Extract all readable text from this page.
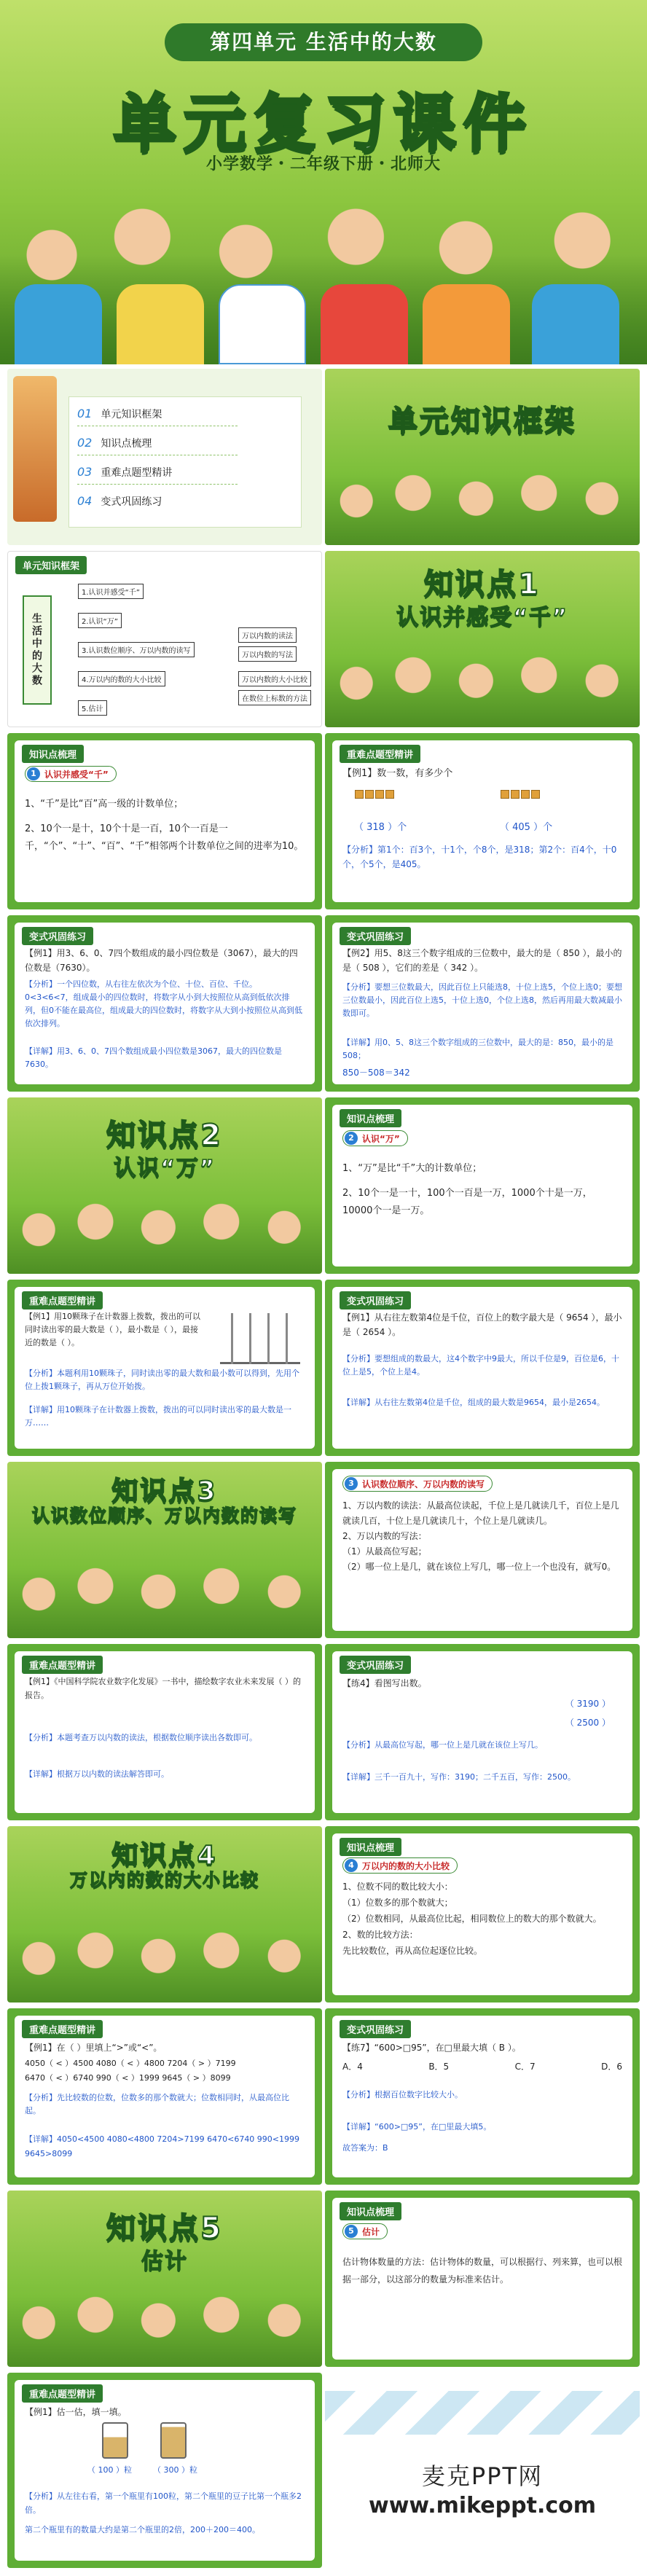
第四单元 生活中的大数
单元复习课件
小学数学・二年级下册・北师大
01 单元知识框架
02 知识点梳理
03 重难点题型精讲
04 变式巩固练习
单元知识框架
单元知识框架
生活中的大数
1.认识并感受“千”
2.认识“万”
3.认识数位顺序、万以内数的读写
4.万以内的数的大小比较
5.估计
万以内数的读法
万以内数的写法
万以内数的大小比较
在数位上标数的方法
知识点1
认识并感受“千”
知识点梳理
1 认识并感受“千”

1、“千”是比“百”高一级的计数单位；

2、10个一是十，10个十是一百，10个一百是一千，“个”、“十”、“百”、“千”相邻两个计数单位之间的进率为10。

重难点题型精讲
【例1】数一数，有多少个
（ 318 ）个	（ 405 ）个
【分析】第1个：百3个，十1个，个8个，是318；第2个：百4个，十0个，个5个，是405。
变式巩固练习
【例1】用3、6、0、7四个数组成的最小四位数是（3067），最大的四位数是（7630）。
【分析】一个四位数，从右往左依次为个位、十位、百位、千位。0<3<6<7，组成最小的四位数时，将数字从小到大按照位从高到低依次排列，但0不能在最高位，组成最大的四位数时，将数字从大到小按照位从高到低依次排列。
【详解】用3、6、0、7四个数组成最小四位数是3067，最大的四位数是7630。
变式巩固练习
【例2】用5、8这三个数字组成的三位数中，最大的是（ 850 ），最小的是（ 508 ），它们的差是（ 342 ）。
【分析】要想三位数最大，因此百位上只能选8，十位上选5，个位上选0；要想三位数最小，因此百位上选5，十位上选0，个位上选8，然后再用最大数减最小数即可。
【详解】用0、5、8这三个数字组成的三位数中，最大的是：850，最小的是508；
850－508＝342
知识点2
认识“万”
知识点梳理
2 认识“万”

1、“万”是比“千”大的计数单位；

2、10个一是一十，100个一百是一万，1000个十是一万，10000个一是一万。

重难点题型精讲
【例1】用10颗珠子在计数器上拨数，拨出的可以同时读出零的最大数是（ ），最小数是（ ），最接近的数是（ ）。
【分析】本题利用10颗珠子，同时读出零的最大数和最小数可以得到，先用个位上拨1颗珠子，再从万位开始拨。
【详解】用10颗珠子在计数器上拨数，拨出的可以同时读出零的最大数是一万……
变式巩固练习
【例1】从右往左数第4位是千位，百位上的数字最大是（ 9654 ），最小是（ 2654 ）。
【分析】要想组成的数最大，这4个数字中9最大，所以千位是9，百位是6，十位上是5，个位上是4。
【详解】从右往左数第4位是千位，组成的最大数是9654，最小是2654。
知识点3
认识数位顺序、万以内数的读写
3 认识数位顺序、万以内数的读写

1、万以内数的读法：从最高位读起，千位上是几就读几千，百位上是几就读几百，十位上是几就读几十，个位上是几就读几。

2、万以内数的写法：

（1）从最高位写起；

（2）哪一位上是几，就在该位上写几，哪一位上一个也没有，就写0。

重难点题型精讲
【例1】《中国科学院农业数字化发展》一书中，描绘数字农业未来发展（ ）的报告。
【分析】本题考查万以内数的读法，根据数位顺序读出各数即可。
【详解】根据万以内数的读法解答即可。
变式巩固练习
【练4】看图写出数。
（ 3190 ）
（ 2500 ）
【分析】从最高位写起，哪一位上是几就在该位上写几。
【详解】三千一百九十，写作：3190；二千五百，写作：2500。
知识点4
万以内的数的大小比较
知识点梳理
4 万以内的数的大小比较

1、位数不同的数比较大小：

（1）位数多的那个数就大；

（2）位数相同，从最高位比起，相同数位上的数大的那个数就大。

2、数的比较方法：

先比较数位，再从高位起逐位比较。

重难点题型精讲
【例1】在（ ）里填上“>”或“<”。

4050（ < ）4500 4080（ < ）4800 7204（ > ）7199

6470（ < ）6740 990（ < ）1999 9645（ > ）8099

【分析】先比较数的位数，位数多的那个数就大；位数相同时，从最高位比起。
【详解】4050<4500 4080<4800 7204>7199 6470<6740 990<1999 9645>8099
变式巩固练习
【练7】“600>□95”，在□里最大填（ B ）。
A．4	B．5	C．7	D．6
【分析】根据百位数字比较大小。
【详解】“600>□95”，在□里最大填5。
故答案为：B
知识点5
估计
知识点梳理
5 估计
估计物体数量的方法：估计物体的数量，可以根据行、列来算，也可以根据一部分，以这部分的数量为标准来估计。
重难点题型精讲
【例1】估一估，填一填。
（ 100 ）粒	（ 300 ）粒
【分析】从左往右看，第一个瓶里有100粒，第二个瓶里的豆子比第一个瓶多2倍。
第二个瓶里有的数量大约是第二个瓶里的2倍，200＋200＝400。
麦克PPT网
www.mikeppt.com
